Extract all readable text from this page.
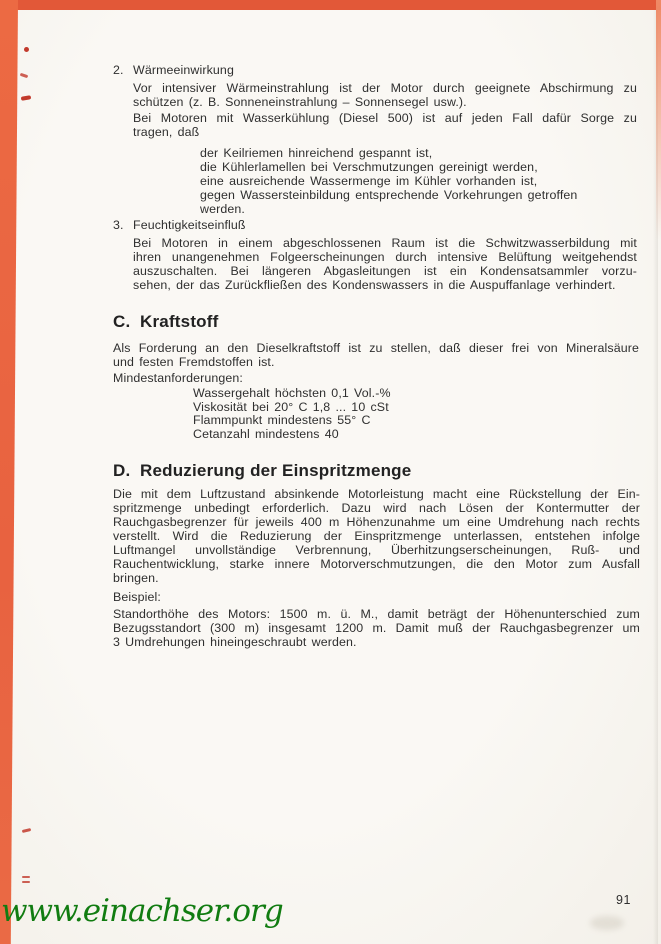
2. Wärmeeinwirkung
Vor intensiver Wärmeinstrahlung ist der Motor durch geeignete Abschirmung zu
schützen (z. B. Sonneneinstrahlung – Sonnensegel usw.).
Bei Motoren mit Wasserkühlung (Diesel 500) ist auf jeden Fall dafür Sorge zu
tragen, daß
der Keilriemen hinreichend gespannt ist,
die Kühlerlamellen bei Verschmutzungen gereinigt werden,
eine ausreichende Wassermenge im Kühler vorhanden ist,
gegen Wassersteinbildung entsprechende Vorkehrungen getroffen
werden.
3. Feuchtigkeitseinfluß
Bei Motoren in einem abgeschlossenen Raum ist die Schwitzwasserbildung mit
ihren unangenehmen Folgeerscheinungen durch intensive Belüftung weitgehendst
auszuschalten. Bei längeren Abgasleitungen ist ein Kondensatsammler vorzu-
sehen, der das Zurückfließen des Kondenswassers in die Auspuffanlage verhindert.
C. Kraftstoff
Als Forderung an den Dieselkraftstoff ist zu stellen, daß dieser frei von Mineralsäure
und festen Fremdstoffen ist.
Mindestanforderungen:
Wassergehalt höchsten 0,1 Vol.-%
Viskosität bei 20° C 1,8 ... 10 cSt
Flammpunkt mindestens 55° C
Cetanzahl mindestens 40
D. Reduzierung der Einspritzmenge
Die mit dem Luftzustand absinkende Motorleistung macht eine Rückstellung der Ein-
spritzmenge unbedingt erforderlich. Dazu wird nach Lösen der Kontermutter der
Rauchgasbegrenzer für jeweils 400 m Höhenzunahme um eine Umdrehung nach rechts
verstellt. Wird die Reduzierung der Einspritzmenge unterlassen, entstehen infolge
Luftmangel unvollständige Verbrennung, Überhitzungserscheinungen, Ruß- und
Rauchentwicklung, starke innere Motorverschmutzungen, die den Motor zum Ausfall
bringen.
Beispiel:
Standorthöhe des Motors: 1500 m. ü. M., damit beträgt der Höhenunterschied zum
Bezugsstandort (300 m) insgesamt 1200 m. Damit muß der Rauchgasbegrenzer um
3 Umdrehungen hineingeschraubt werden.
91
www.einachser.org
